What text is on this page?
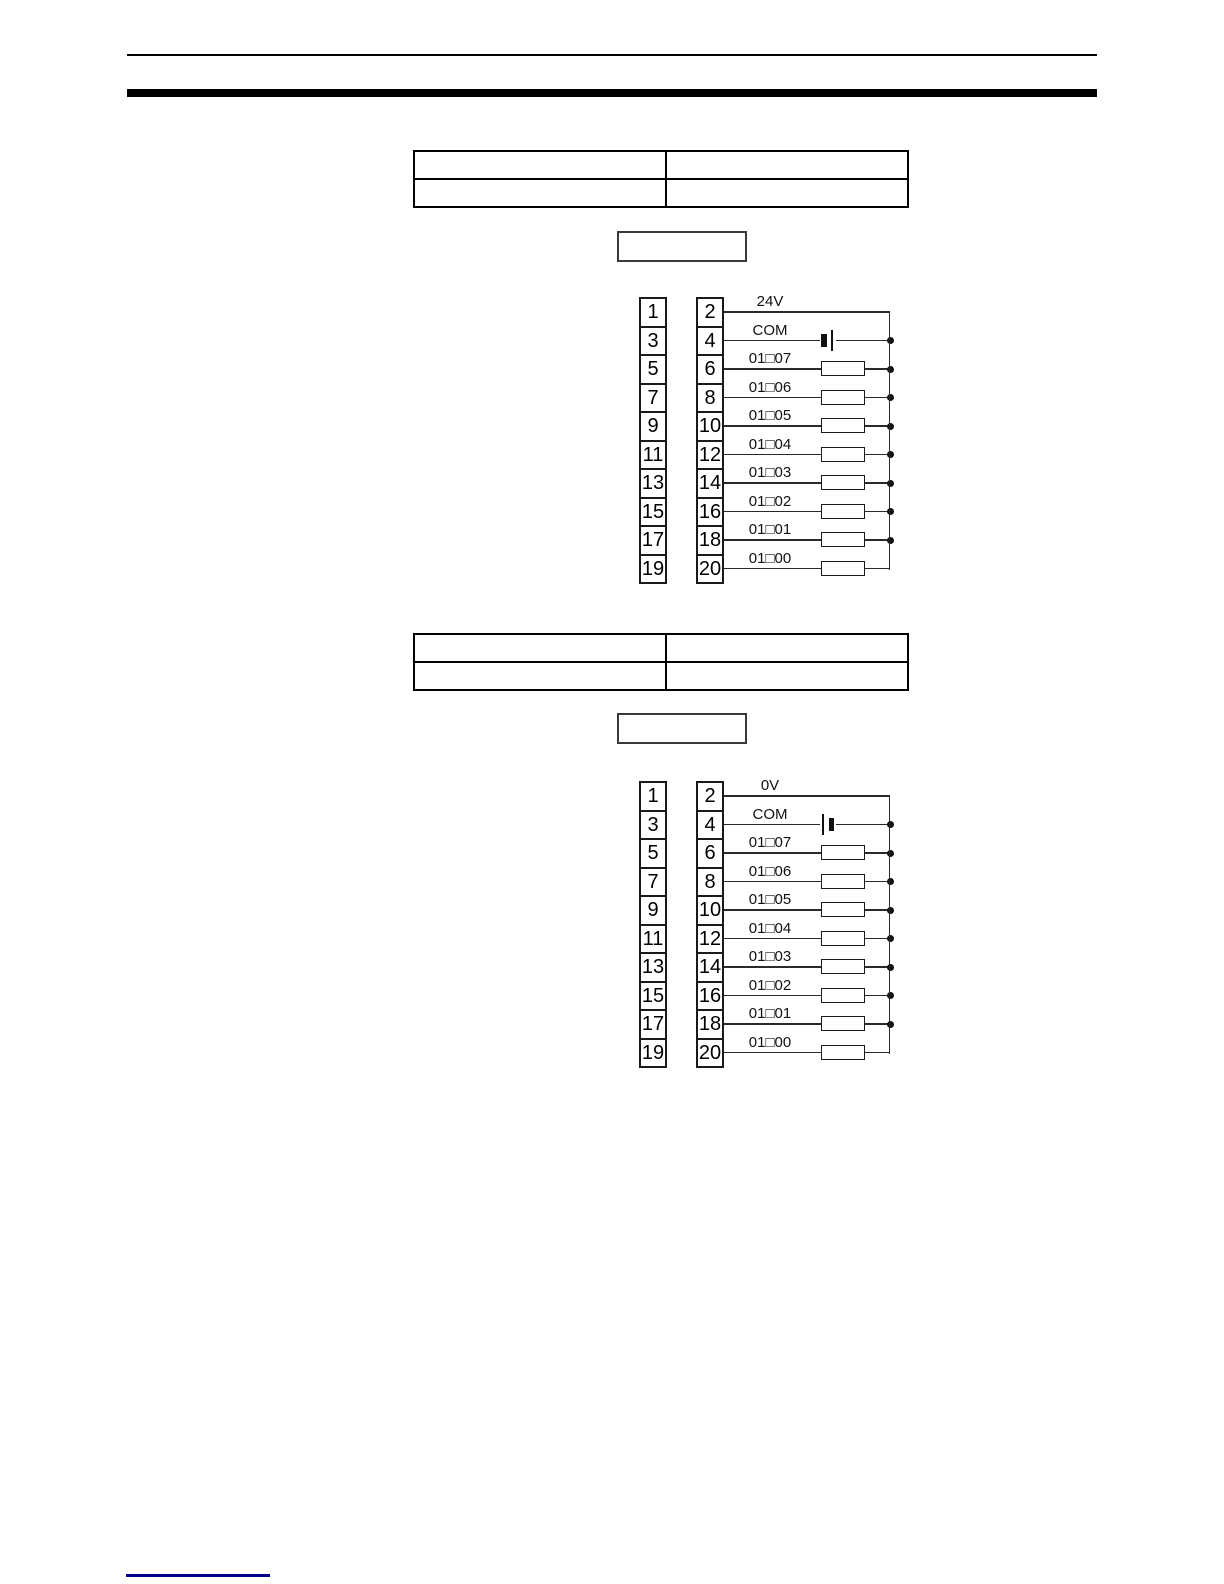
1	2	24V
3	4	COM
5	6	01□07
7	8	01□06
9	10	01□05
11 12	01□04
13 14	01□03
15 16	01□02
17 18	01□01
19 20	01□00

1	2	0V
3	4	COM
5	6	01□07
7	8	01□06
9	10	01□05
11 12	01□04
13 14	01□03
15 16	01□02
17 18	01□01
19 20	01□00
